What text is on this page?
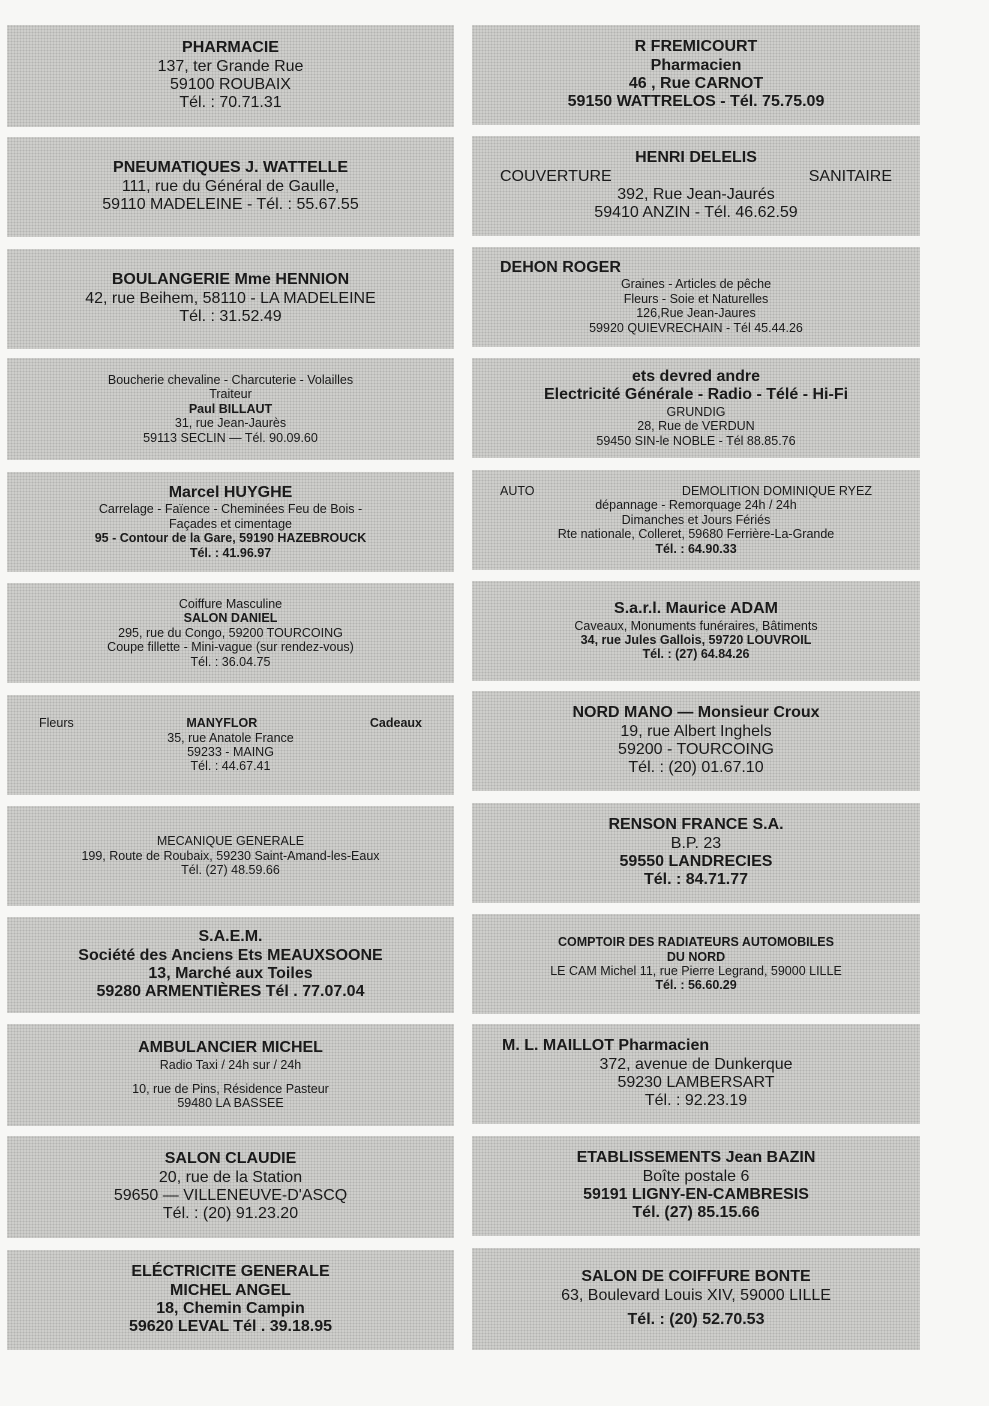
PHARMACIE
137, ter Grande Rue
59100 ROUBAIX
Tél. : 70.71.31
PNEUMATIQUES J. WATTELLE
111, rue du Général de Gaulle,
59110 MADELEINE - Tél. : 55.67.55
BOULANGERIE Mme HENNION
42, rue Beihem, 58110 - LA MADELEINE
Tél. : 31.52.49
Boucherie chevaline - Charcuterie - Volailles
Traiteur
Paul BILLAUT
31, rue Jean-Jaurès
59113 SECLIN — Tél. 90.09.60
Marcel HUYGHE
Carrelage - Faïence - Cheminées Feu de Bois -
Façades et cimentage
95 - Contour de la Gare, 59190 HAZEBROUCK
Tél. : 41.96.97
Coiffure Masculine
SALON DANIEL
295, rue du Congo, 59200 TOURCOING
Coupe fillette - Mini-vague (sur rendez-vous)
Tél. : 36.04.75
Fleurs	MANYFLOR	Cadeaux
35, rue Anatole France
59233 - MAING
Tél. : 44.67.41
MECANIQUE GENERALE
199, Route de Roubaix, 59230 Saint-Amand-les-Eaux
Tél. (27) 48.59.66
S.A.E.M.
Société des Anciens Ets MEAUXSOONE
13, Marché aux Toiles
59280 ARMENTIÈRES Tél . 77.07.04
AMBULANCIER MICHEL
Radio Taxi / 24h sur / 24h
10, rue de Pins, Résidence Pasteur
59480 LA BASSEE
SALON CLAUDIE
20, rue de la Station
59650 — VILLENEUVE-D'ASCQ
Tél. : (20) 91.23.20
ELÉCTRICITE GENERALE
MICHEL ANGEL
18, Chemin Campin
59620 LEVAL Tél . 39.18.95
R FREMICOURT
Pharmacien
46 , Rue CARNOT
59150 WATTRELOS - Tél. 75.75.09
HENRI DELELIS
COUVERTURE	SANITAIRE
392, Rue Jean-Jaurés
59410 ANZIN - Tél. 46.62.59
DEHON ROGER
Graines - Articles de pêche
Fleurs - Soie et Naturelles
126,Rue Jean-Jaures
59920 QUIEVRECHAIN - Tél 45.44.26
ets devred andre
Electricité Générale - Radio - Télé - Hi-Fi
GRUNDIG
28, Rue de VERDUN
59450 SIN-le NOBLE - Tél 88.85.76
AUTO	DEMOLITION DOMINIQUE RYEZ
dépannage - Remorquage 24h / 24h
Dimanches et Jours Fériés
Rte nationale, Colleret, 59680 Ferrière-La-Grande
Tél. : 64.90.33
S.a.r.l. Maurice ADAM
Caveaux, Monuments funéraires, Bâtiments
34, rue Jules Gallois, 59720 LOUVROIL
Tél. : (27) 64.84.26
NORD MANO — Monsieur Croux
19, rue Albert Inghels
59200 - TOURCOING
Tél. : (20) 01.67.10
RENSON FRANCE S.A.
B.P. 23
59550 LANDRECIES
Tél. : 84.71.77
COMPTOIR DES RADIATEURS AUTOMOBILES
DU NORD
LE CAM Michel 11, rue Pierre Legrand, 59000 LILLE
Tél. : 56.60.29
M. L. MAILLOT Pharmacien
372, avenue de Dunkerque
59230 LAMBERSART
Tél. : 92.23.19
ETABLISSEMENTS Jean BAZIN
Boîte postale 6
59191 LIGNY-EN-CAMBRESIS
Tél. (27) 85.15.66
SALON DE COIFFURE BONTE
63, Boulevard Louis XIV, 59000 LILLE
Tél. : (20) 52.70.53
